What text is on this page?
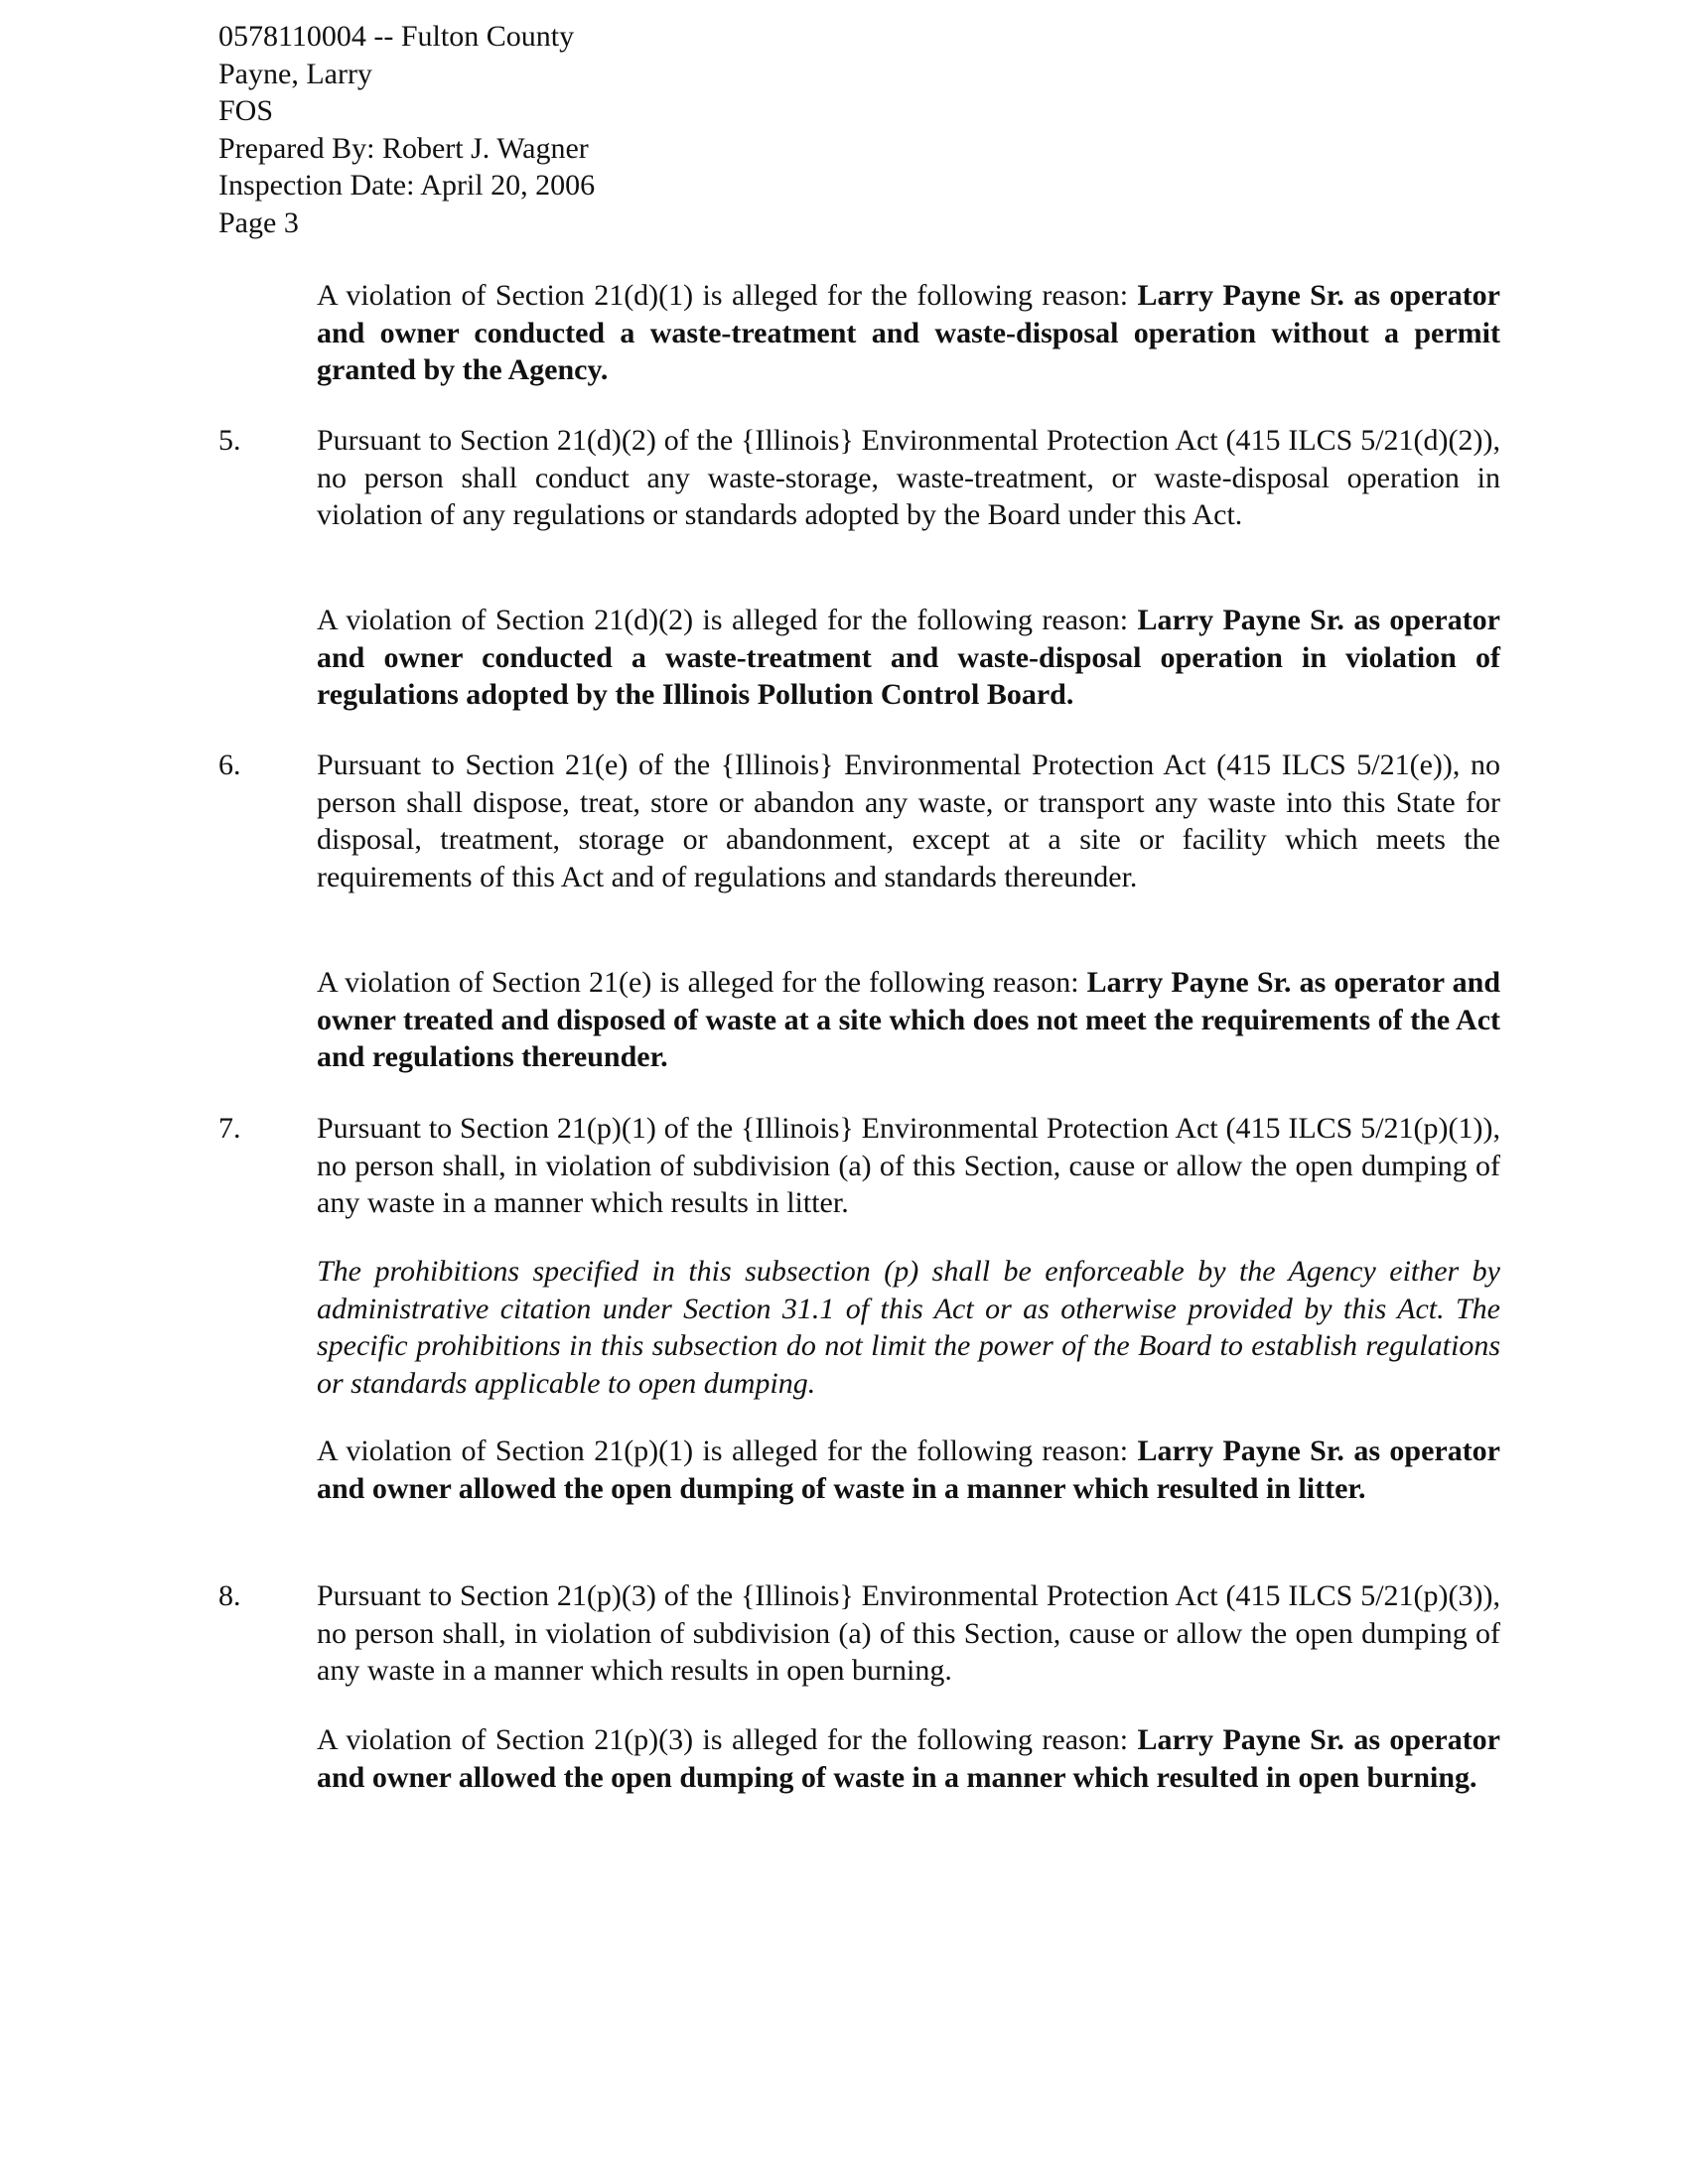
0578110004 -- Fulton County
Payne, Larry
FOS
Prepared By: Robert J. Wagner
Inspection Date: April 20, 2006
Page 3
A violation of Section 21(d)(1) is alleged for the following reason: Larry Payne Sr. as operator and owner conducted a waste-treatment and waste-disposal operation without a permit granted by the Agency.
5.	Pursuant to Section 21(d)(2) of the {Illinois} Environmental Protection Act (415 ILCS 5/21(d)(2)), no person shall conduct any waste-storage, waste-treatment, or waste-disposal operation in violation of any regulations or standards adopted by the Board under this Act.
A violation of Section 21(d)(2) is alleged for the following reason: Larry Payne Sr. as operator and owner conducted a waste-treatment and waste-disposal operation in violation of regulations adopted by the Illinois Pollution Control Board.
6.	Pursuant to Section 21(e) of the {Illinois} Environmental Protection Act (415 ILCS 5/21(e)), no person shall dispose, treat, store or abandon any waste, or transport any waste into this State for disposal, treatment, storage or abandonment, except at a site or facility which meets the requirements of this Act and of regulations and standards thereunder.
A violation of Section 21(e) is alleged for the following reason: Larry Payne Sr. as operator and owner treated and disposed of waste at a site which does not meet the requirements of the Act and regulations thereunder.
7.	Pursuant to Section 21(p)(1) of the {Illinois} Environmental Protection Act (415 ILCS 5/21(p)(1)), no person shall, in violation of subdivision (a) of this Section, cause or allow the open dumping of any waste in a manner which results in litter.
The prohibitions specified in this subsection (p) shall be enforceable by the Agency either by administrative citation under Section 31.1 of this Act or as otherwise provided by this Act. The specific prohibitions in this subsection do not limit the power of the Board to establish regulations or standards applicable to open dumping.
A violation of Section 21(p)(1) is alleged for the following reason: Larry Payne Sr. as operator and owner allowed the open dumping of waste in a manner which resulted in litter.
8.	Pursuant to Section 21(p)(3) of the {Illinois} Environmental Protection Act (415 ILCS 5/21(p)(3)), no person shall, in violation of subdivision (a) of this Section, cause or allow the open dumping of any waste in a manner which results in open burning.
A violation of Section 21(p)(3) is alleged for the following reason: Larry Payne Sr. as operator and owner allowed the open dumping of waste in a manner which resulted in open burning.
